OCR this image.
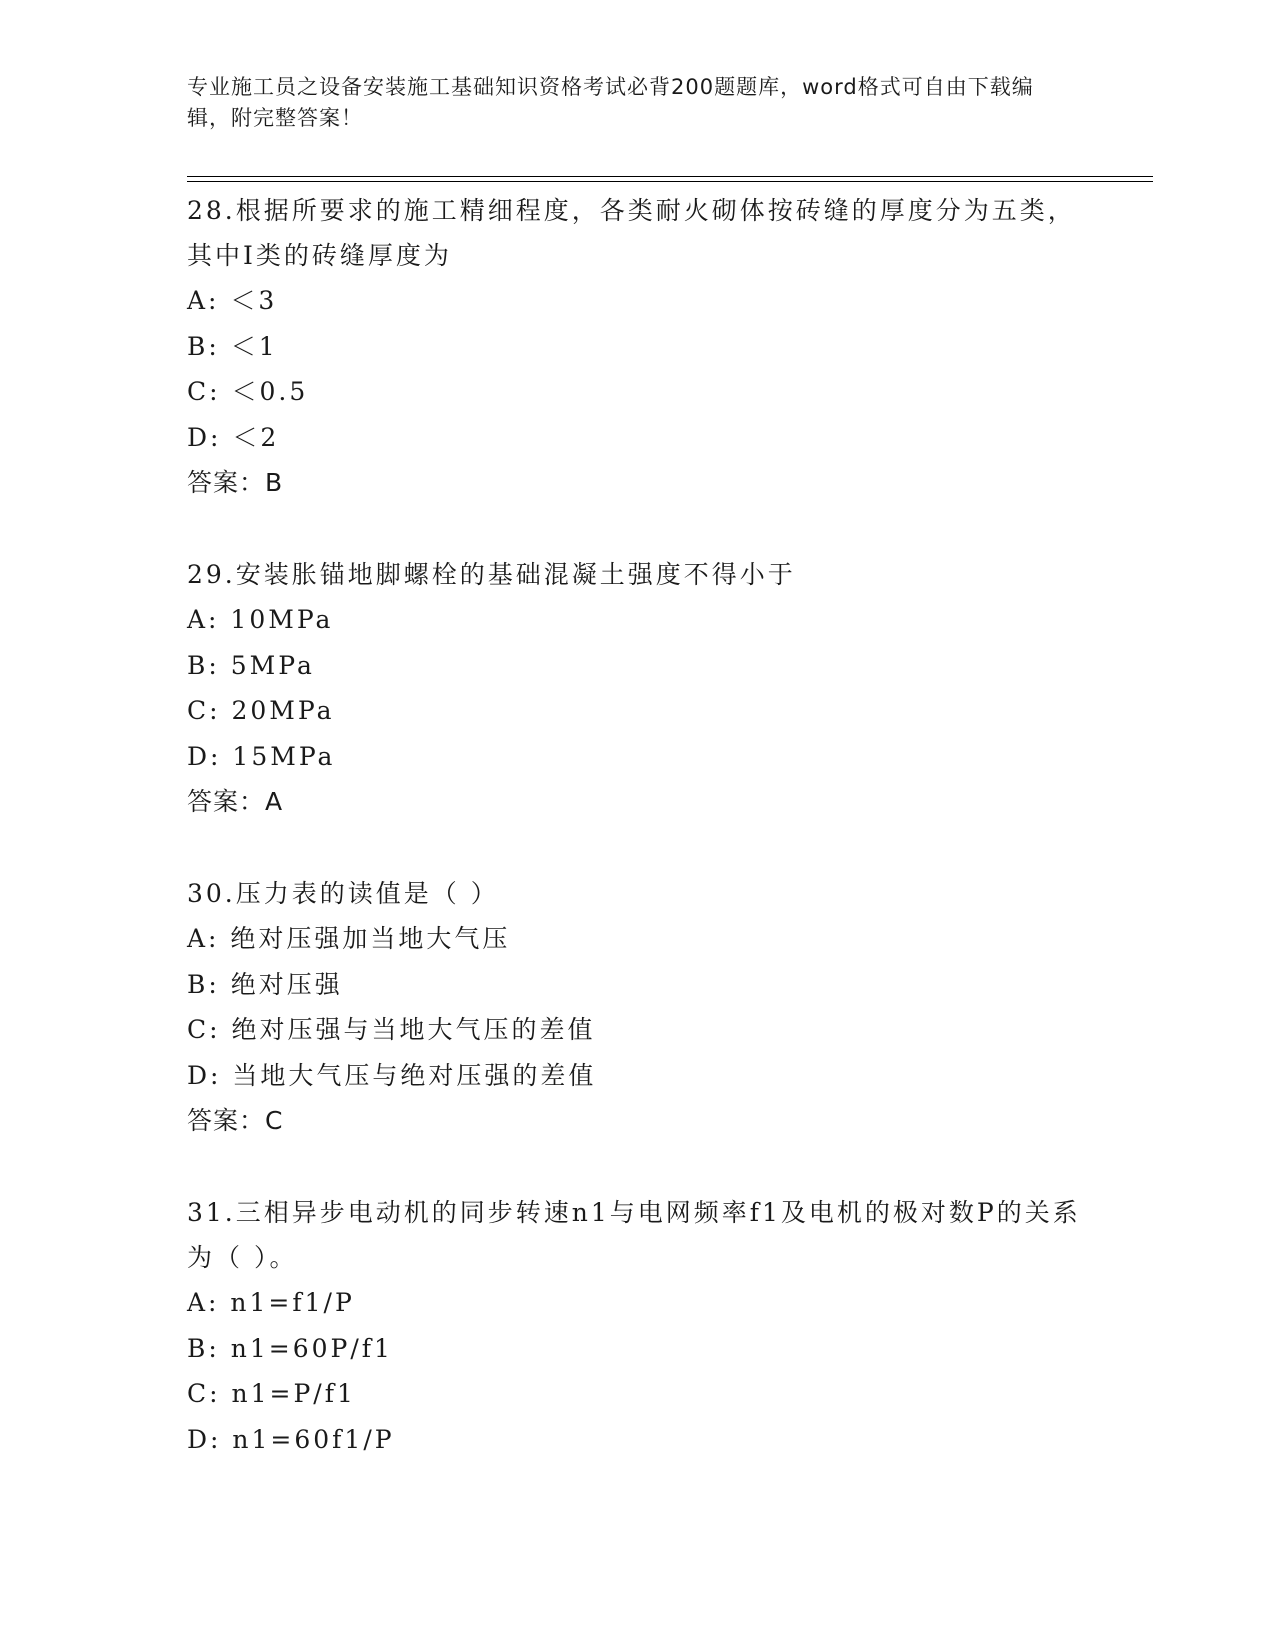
专业施工员之设备安装施工基础知识资格考试必背200题题库，word格式可自由下载编辑，附完整答案！

28.根据所要求的施工精细程度，各类耐火砌体按砖缝的厚度分为五类，其中Ⅰ类的砖缝厚度为

A: ＜3

B: ＜1

C: ＜0.5

D: ＜2

答案：B

29.安装胀锚地脚螺栓的基础混凝土强度不得小于

A: 10MPa

B: 5MPa

C: 20MPa

D: 15MPa

答案：A

30.压力表的读值是（ ）

A: 绝对压强加当地大气压

B: 绝对压强

C: 绝对压强与当地大气压的差值

D: 当地大气压与绝对压强的差值

答案：C

31.三相异步电动机的同步转速n1与电网频率f1及电机的极对数P的关系为（ ）。

A: n1=f1/P

B: n1=60P/f1

C: n1=P/f1

D: n1=60f1/P
